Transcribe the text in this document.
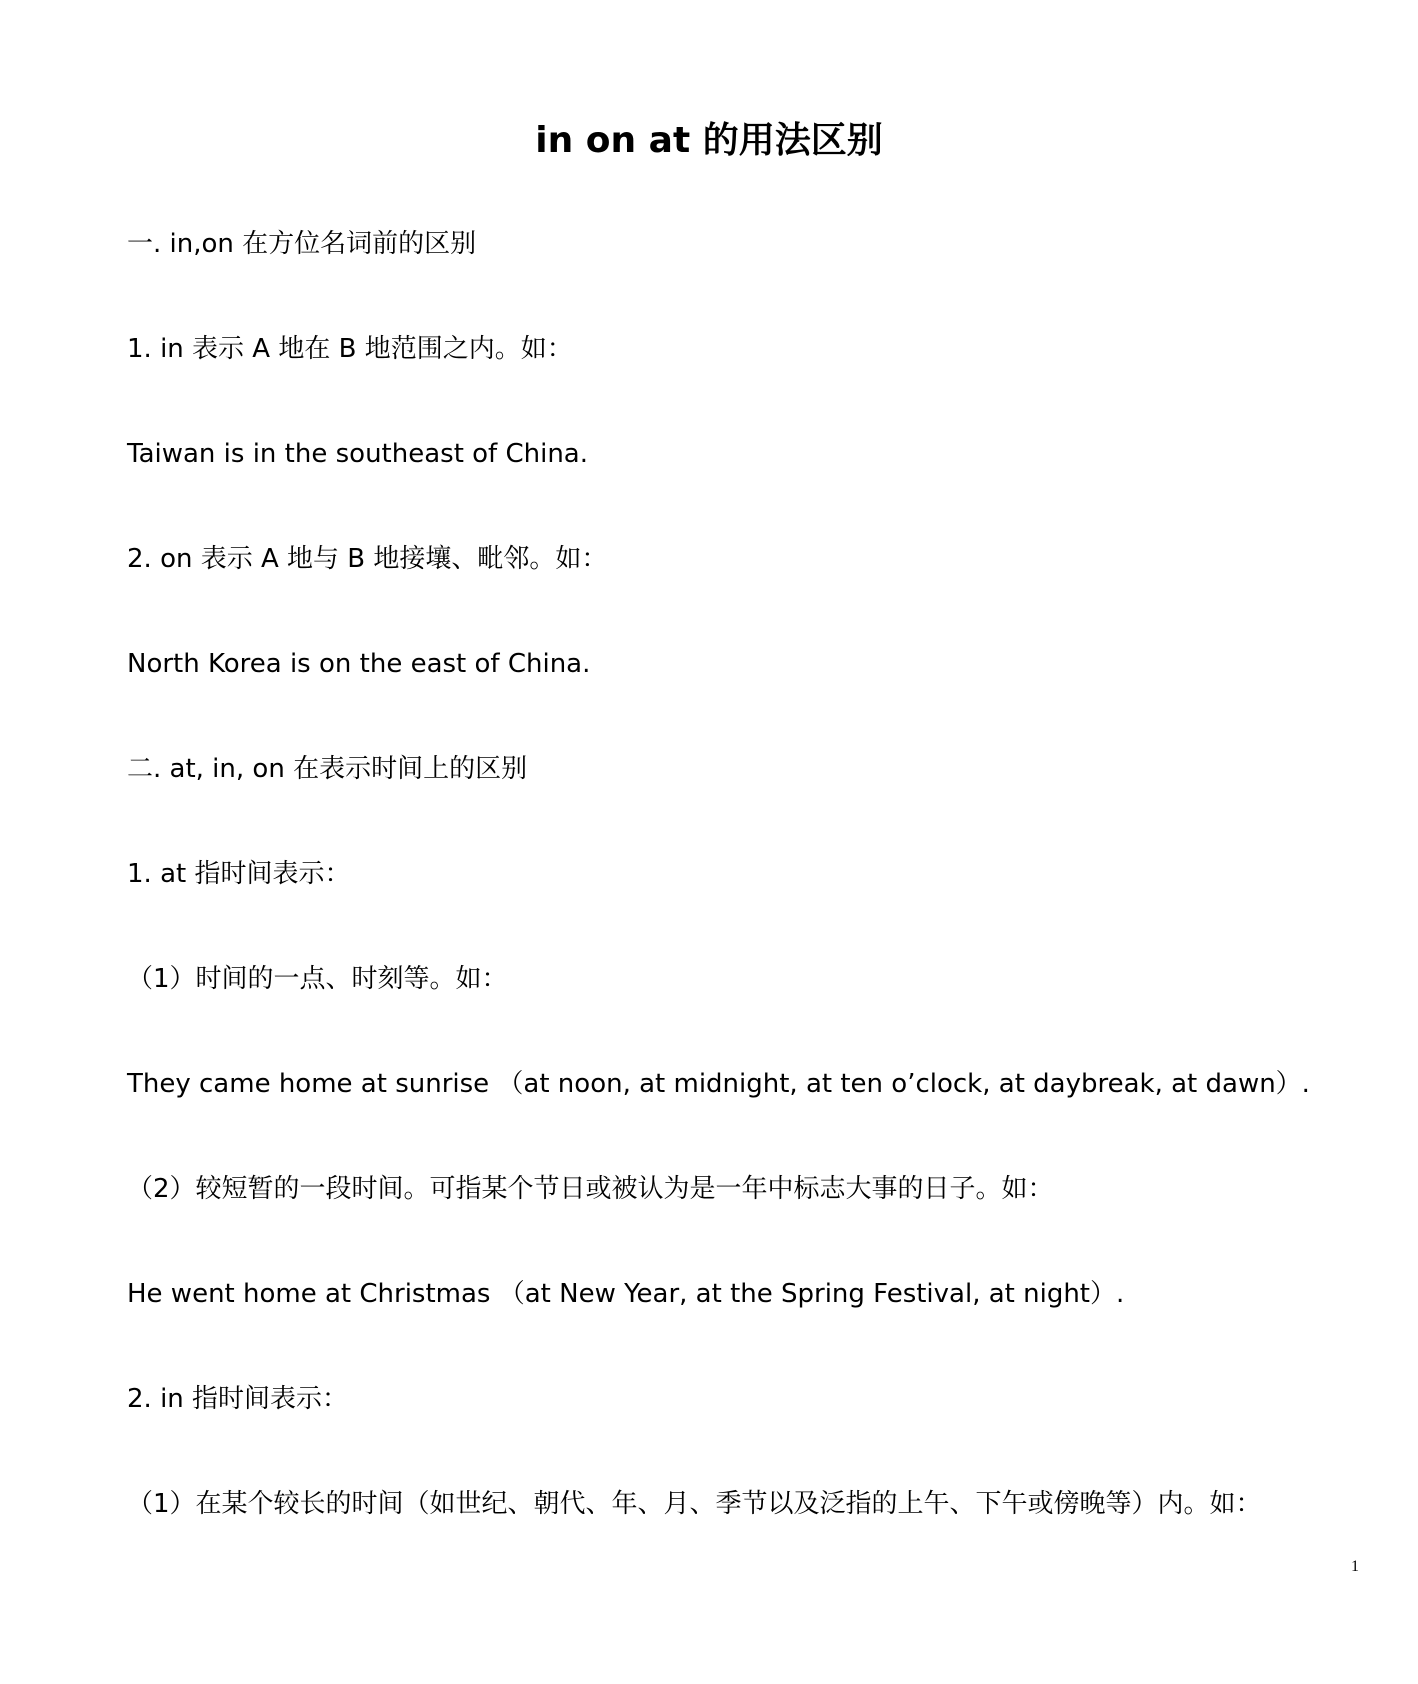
in on at 的用法区别

一. in,on 在方位名词前的区别

1. in 表示 A 地在 B 地范围之内。如：

Taiwan is in the southeast of China.

2. on 表示 A 地与 B 地接壤、毗邻。如：

North Korea is on the east of China.

二. at, in, on 在表示时间上的区别

1. at 指时间表示：

（1）时间的一点、时刻等。如：

They came home at sunrise （at noon, at midnight, at ten o’clock, at daybreak, at dawn）.

（2）较短暂的一段时间。可指某个节日或被认为是一年中标志大事的日子。如：

He went home at Christmas （at New Year, at the Spring Festival, at night）.

2. in 指时间表示：

（1）在某个较长的时间（如世纪、朝代、年、月、季节以及泛指的上午、下午或傍晚等）内。如：

1
